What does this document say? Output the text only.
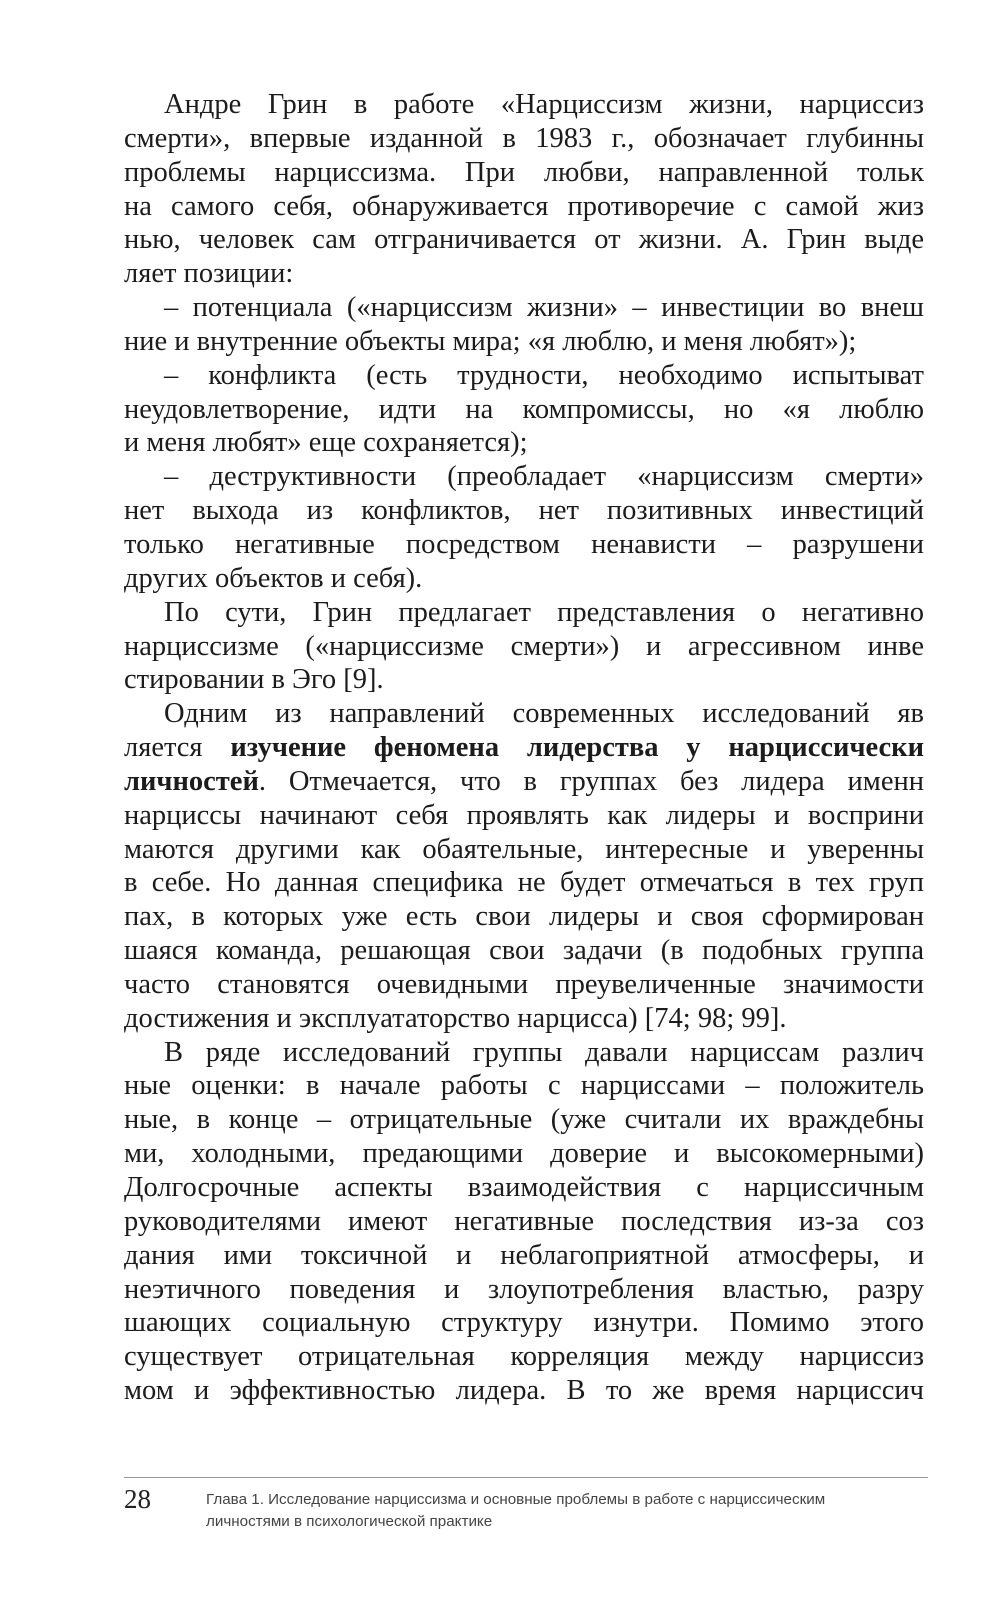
Андре Грин в работе «Нарциссизм жизни, нарциссиз
смерти», впервые изданной в 1983 г., обозначает глубинны
проблемы нарциссизма. При любви, направленной тольк
на самого себя, обнаруживается противоречие с самой жиз
нью, человек сам отграничивается от жизни. А. Грин выде
ляет позиции:
– потенциала («нарциссизм жизни» – инвестиции во внеш
ние и внутренние объекты мира; «я люблю, и меня любят»);
– конфликта (есть трудности, необходимо испытыват
неудовлетворение, идти на компромиссы, но «я люблю
и меня любят» еще сохраняется);
– деструктивности (преобладает «нарциссизм смерти»
нет выхода из конфликтов, нет позитивных инвестиций
только негативные посредством ненависти – разрушени
других объектов и себя).
По сути, Грин предлагает представления о негативно
нарциссизме («нарциссизме смерти») и агрессивном инве
стировании в Эго [9].
Одним из направлений современных исследований яв
ляется изучение феномена лидерства у нарциссически
личностей. Отмечается, что в группах без лидера именн
нарциссы начинают себя проявлять как лидеры и восприни
маются другими как обаятельные, интересные и уверенны
в себе. Но данная специфика не будет отмечаться в тех груп
пах, в которых уже есть свои лидеры и своя сформирован
шаяся команда, решающая свои задачи (в подобных группа
часто становятся очевидными преувеличенные значимости
достижения и эксплуататорство нарцисса) [74; 98; 99].
В ряде исследований группы давали нарциссам различ
ные оценки: в начале работы с нарциссами – положитель
ные, в конце – отрицательные (уже считали их враждебны
ми, холодными, предающими доверие и высокомерными)
Долгосрочные аспекты взаимодействия с нарциссичным
руководителями имеют негативные последствия из-за соз
дания ими токсичной и неблагоприятной атмосферы, и
неэтичного поведения и злоупотребления властью, разру
шающих социальную структуру изнутри. Помимо этого
существует отрицательная корреляция между нарциссиз
мом и эффективностью лидера. В то же время нарциссич
28	Глава 1. Исследование нарциссизма и основные проблемы в работе с нарциссическим
личностями в психологической практике
